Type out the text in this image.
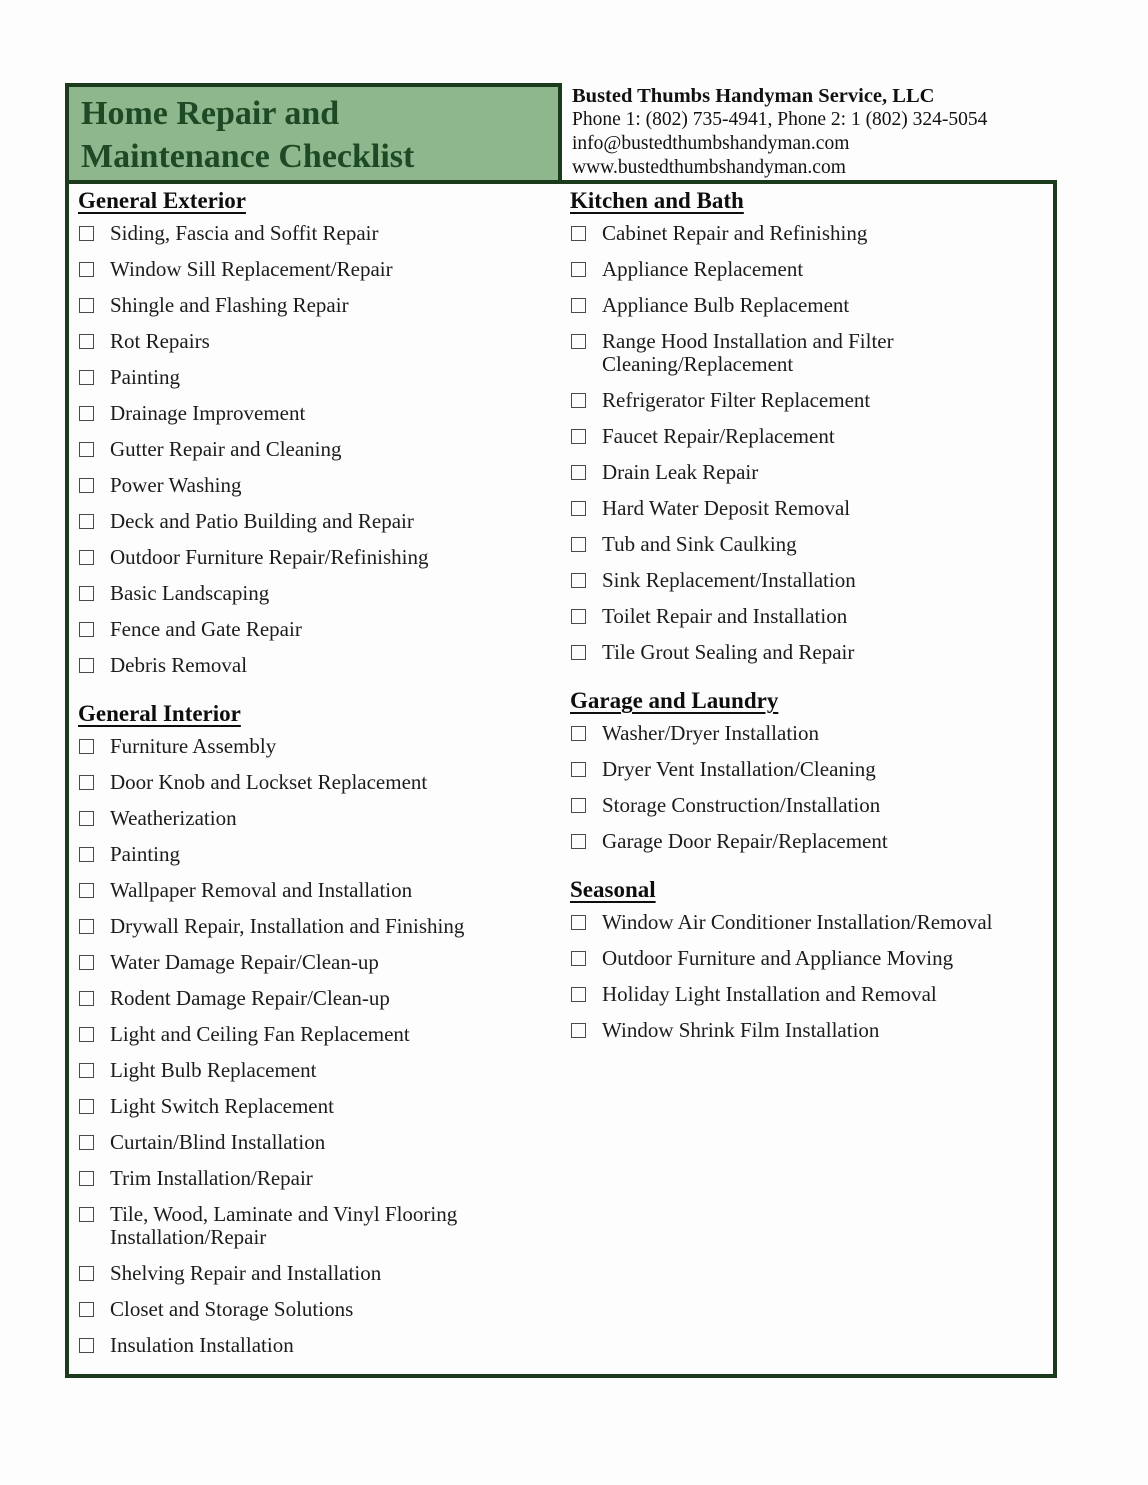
Home Repair and
Maintenance Checklist
Busted Thumbs Handyman Service, LLC
Phone 1: (802) 735-4941, Phone 2: 1 (802) 324-5054
info@bustedthumbshandyman.com
www.bustedthumbshandyman.com
General Exterior
Siding, Fascia and Soffit Repair
Window Sill Replacement/Repair
Shingle and Flashing Repair
Rot Repairs
Painting
Drainage Improvement
Gutter Repair and Cleaning
Power Washing
Deck and Patio Building and Repair
Outdoor Furniture Repair/Refinishing
Basic Landscaping
Fence and Gate Repair
Debris Removal
General Interior
Furniture Assembly
Door Knob and Lockset Replacement
Weatherization
Painting
Wallpaper Removal and Installation
Drywall Repair, Installation and Finishing
Water Damage Repair/Clean-up
Rodent Damage Repair/Clean-up
Light and Ceiling Fan Replacement
Light Bulb Replacement
Light Switch Replacement
Curtain/Blind Installation
Trim Installation/Repair
Tile, Wood, Laminate and Vinyl Flooring Installation/Repair
Shelving Repair and Installation
Closet and Storage Solutions
Insulation Installation
Kitchen and Bath
Cabinet Repair and Refinishing
Appliance Replacement
Appliance Bulb Replacement
Range Hood Installation and Filter Cleaning/Replacement
Refrigerator Filter Replacement
Faucet Repair/Replacement
Drain Leak Repair
Hard Water Deposit Removal
Tub and Sink Caulking
Sink Replacement/Installation
Toilet Repair and Installation
Tile Grout Sealing and Repair
Garage and Laundry
Washer/Dryer Installation
Dryer Vent Installation/Cleaning
Storage Construction/Installation
Garage Door Repair/Replacement
Seasonal
Window Air Conditioner Installation/Removal
Outdoor Furniture and Appliance Moving
Holiday Light Installation and Removal
Window Shrink Film Installation
